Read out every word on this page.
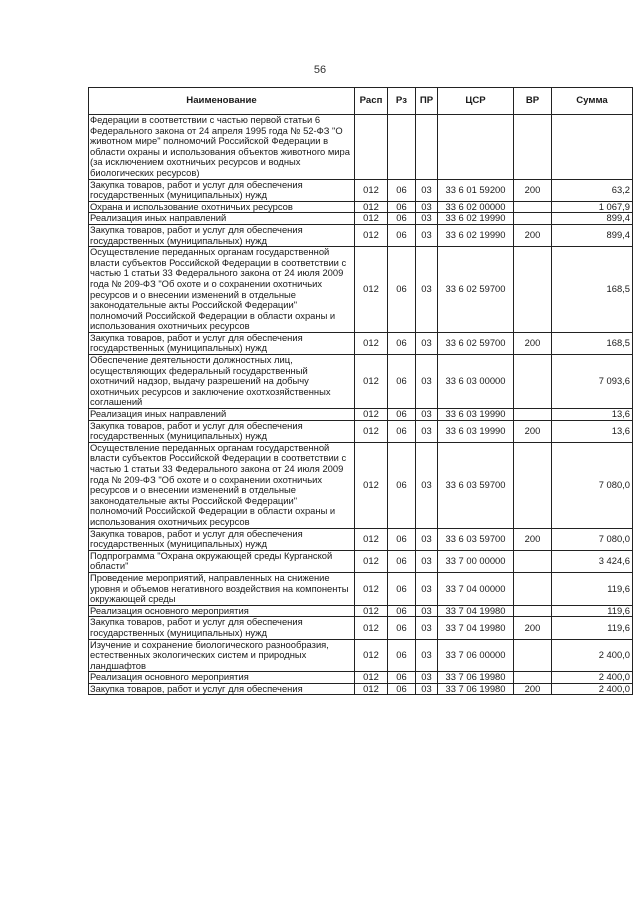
56
Наименование	Расп	Рз	ПР	ЦСР	ВР	Сумма
Федерации в соответствии с частью первой статьи 6 Федерального закона от 24 апреля 1995 года № 52-ФЗ "О животном мире" полномочий Российской Федерации в области охраны и использования объектов животного мира (за исключением охотничьих ресурсов и водных биологических ресурсов)						
Закупка товаров, работ и услуг для обеспечения государственных (муниципальных) нужд	012	06	03	33 6 01 59200	200	63,2
Охрана и использование охотничьих ресурсов	012	06	03	33 6 02 00000		1 067,9
Реализация иных направлений	012	06	03	33 6 02 19990		899,4
Закупка товаров, работ и услуг для обеспечения государственных (муниципальных) нужд	012	06	03	33 6 02 19990	200	899,4
Осуществление переданных органам государственной власти субъектов Российской Федерации в соответствии с частью 1 статьи 33 Федерального закона от 24 июля 2009 года № 209-ФЗ "Об охоте и о сохранении охотничьих ресурсов и о внесении изменений в отдельные законодательные акты Российской Федерации" полномочий Российской Федерации в области охраны и использования охотничьих ресурсов	012	06	03	33 6 02 59700		168,5
Закупка товаров, работ и услуг для обеспечения государственных (муниципальных) нужд	012	06	03	33 6 02 59700	200	168,5
Обеспечение деятельности должностных лиц, осуществляющих федеральный государственный охотничий надзор, выдачу разрешений на добычу охотничьих ресурсов и заключение охотхозяйственных соглашений	012	06	03	33 6 03 00000		7 093,6
Реализация иных направлений	012	06	03	33 6 03 19990		13,6
Закупка товаров, работ и услуг для обеспечения государственных (муниципальных) нужд	012	06	03	33 6 03 19990	200	13,6
Осуществление переданных органам государственной власти субъектов Российской Федерации в соответствии с частью 1 статьи 33 Федерального закона от 24 июля 2009 года № 209-ФЗ "Об охоте и о сохранении охотничьих ресурсов и о внесении изменений в отдельные законодательные акты Российской Федерации" полномочий Российской Федерации в области охраны и использования охотничьих ресурсов	012	06	03	33 6 03 59700		7 080,0
Закупка товаров, работ и услуг для обеспечения государственных (муниципальных) нужд	012	06	03	33 6 03 59700	200	7 080,0
Подпрограмма "Охрана окружающей среды Курганской области"	012	06	03	33 7 00 00000		3 424,6
Проведение мероприятий, направленных на снижение уровня и объемов негативного воздействия на компоненты окружающей среды	012	06	03	33 7 04 00000		119,6
Реализация основного мероприятия	012	06	03	33 7 04 19980		119,6
Закупка товаров, работ и услуг для обеспечения государственных (муниципальных) нужд	012	06	03	33 7 04 19980	200	119,6
Изучение и сохранение биологического разнообразия, естественных экологических систем и природных ландшафтов	012	06	03	33 7 06 00000		2 400,0
Реализация основного мероприятия	012	06	03	33 7 06 19980		2 400,0
Закупка товаров, работ и услуг для обеспечения	012	06	03	33 7 06 19980	200	2 400,0
